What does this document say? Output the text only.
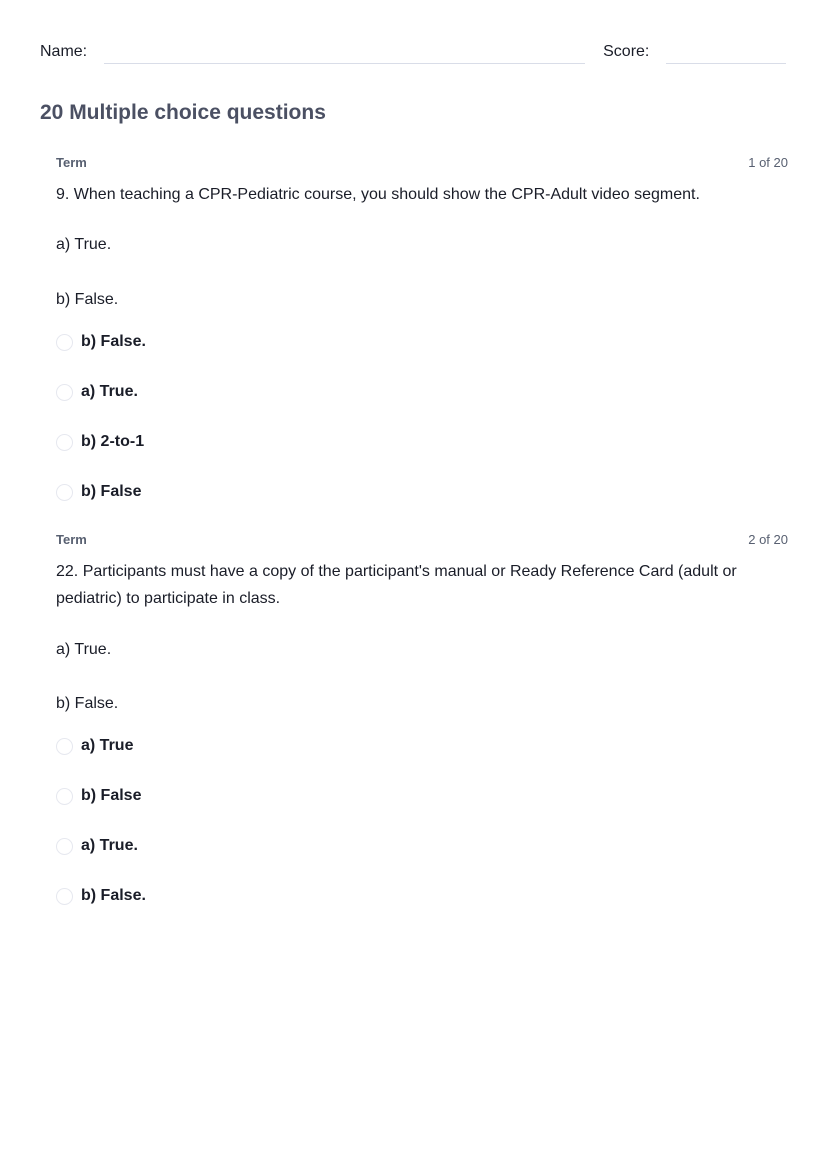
Name:	Score:
20 Multiple choice questions
Term	1 of 20
9. When teaching a CPR-Pediatric course, you should show the CPR-Adult video segment.
a) True.
b) False.
b) False.
a) True.
b) 2-to-1
b) False
Term	2 of 20
22. Participants must have a copy of the participant's manual or Ready Reference Card (adult or pediatric) to participate in class.
a) True.
b) False.
a) True
b) False
a) True.
b) False.
